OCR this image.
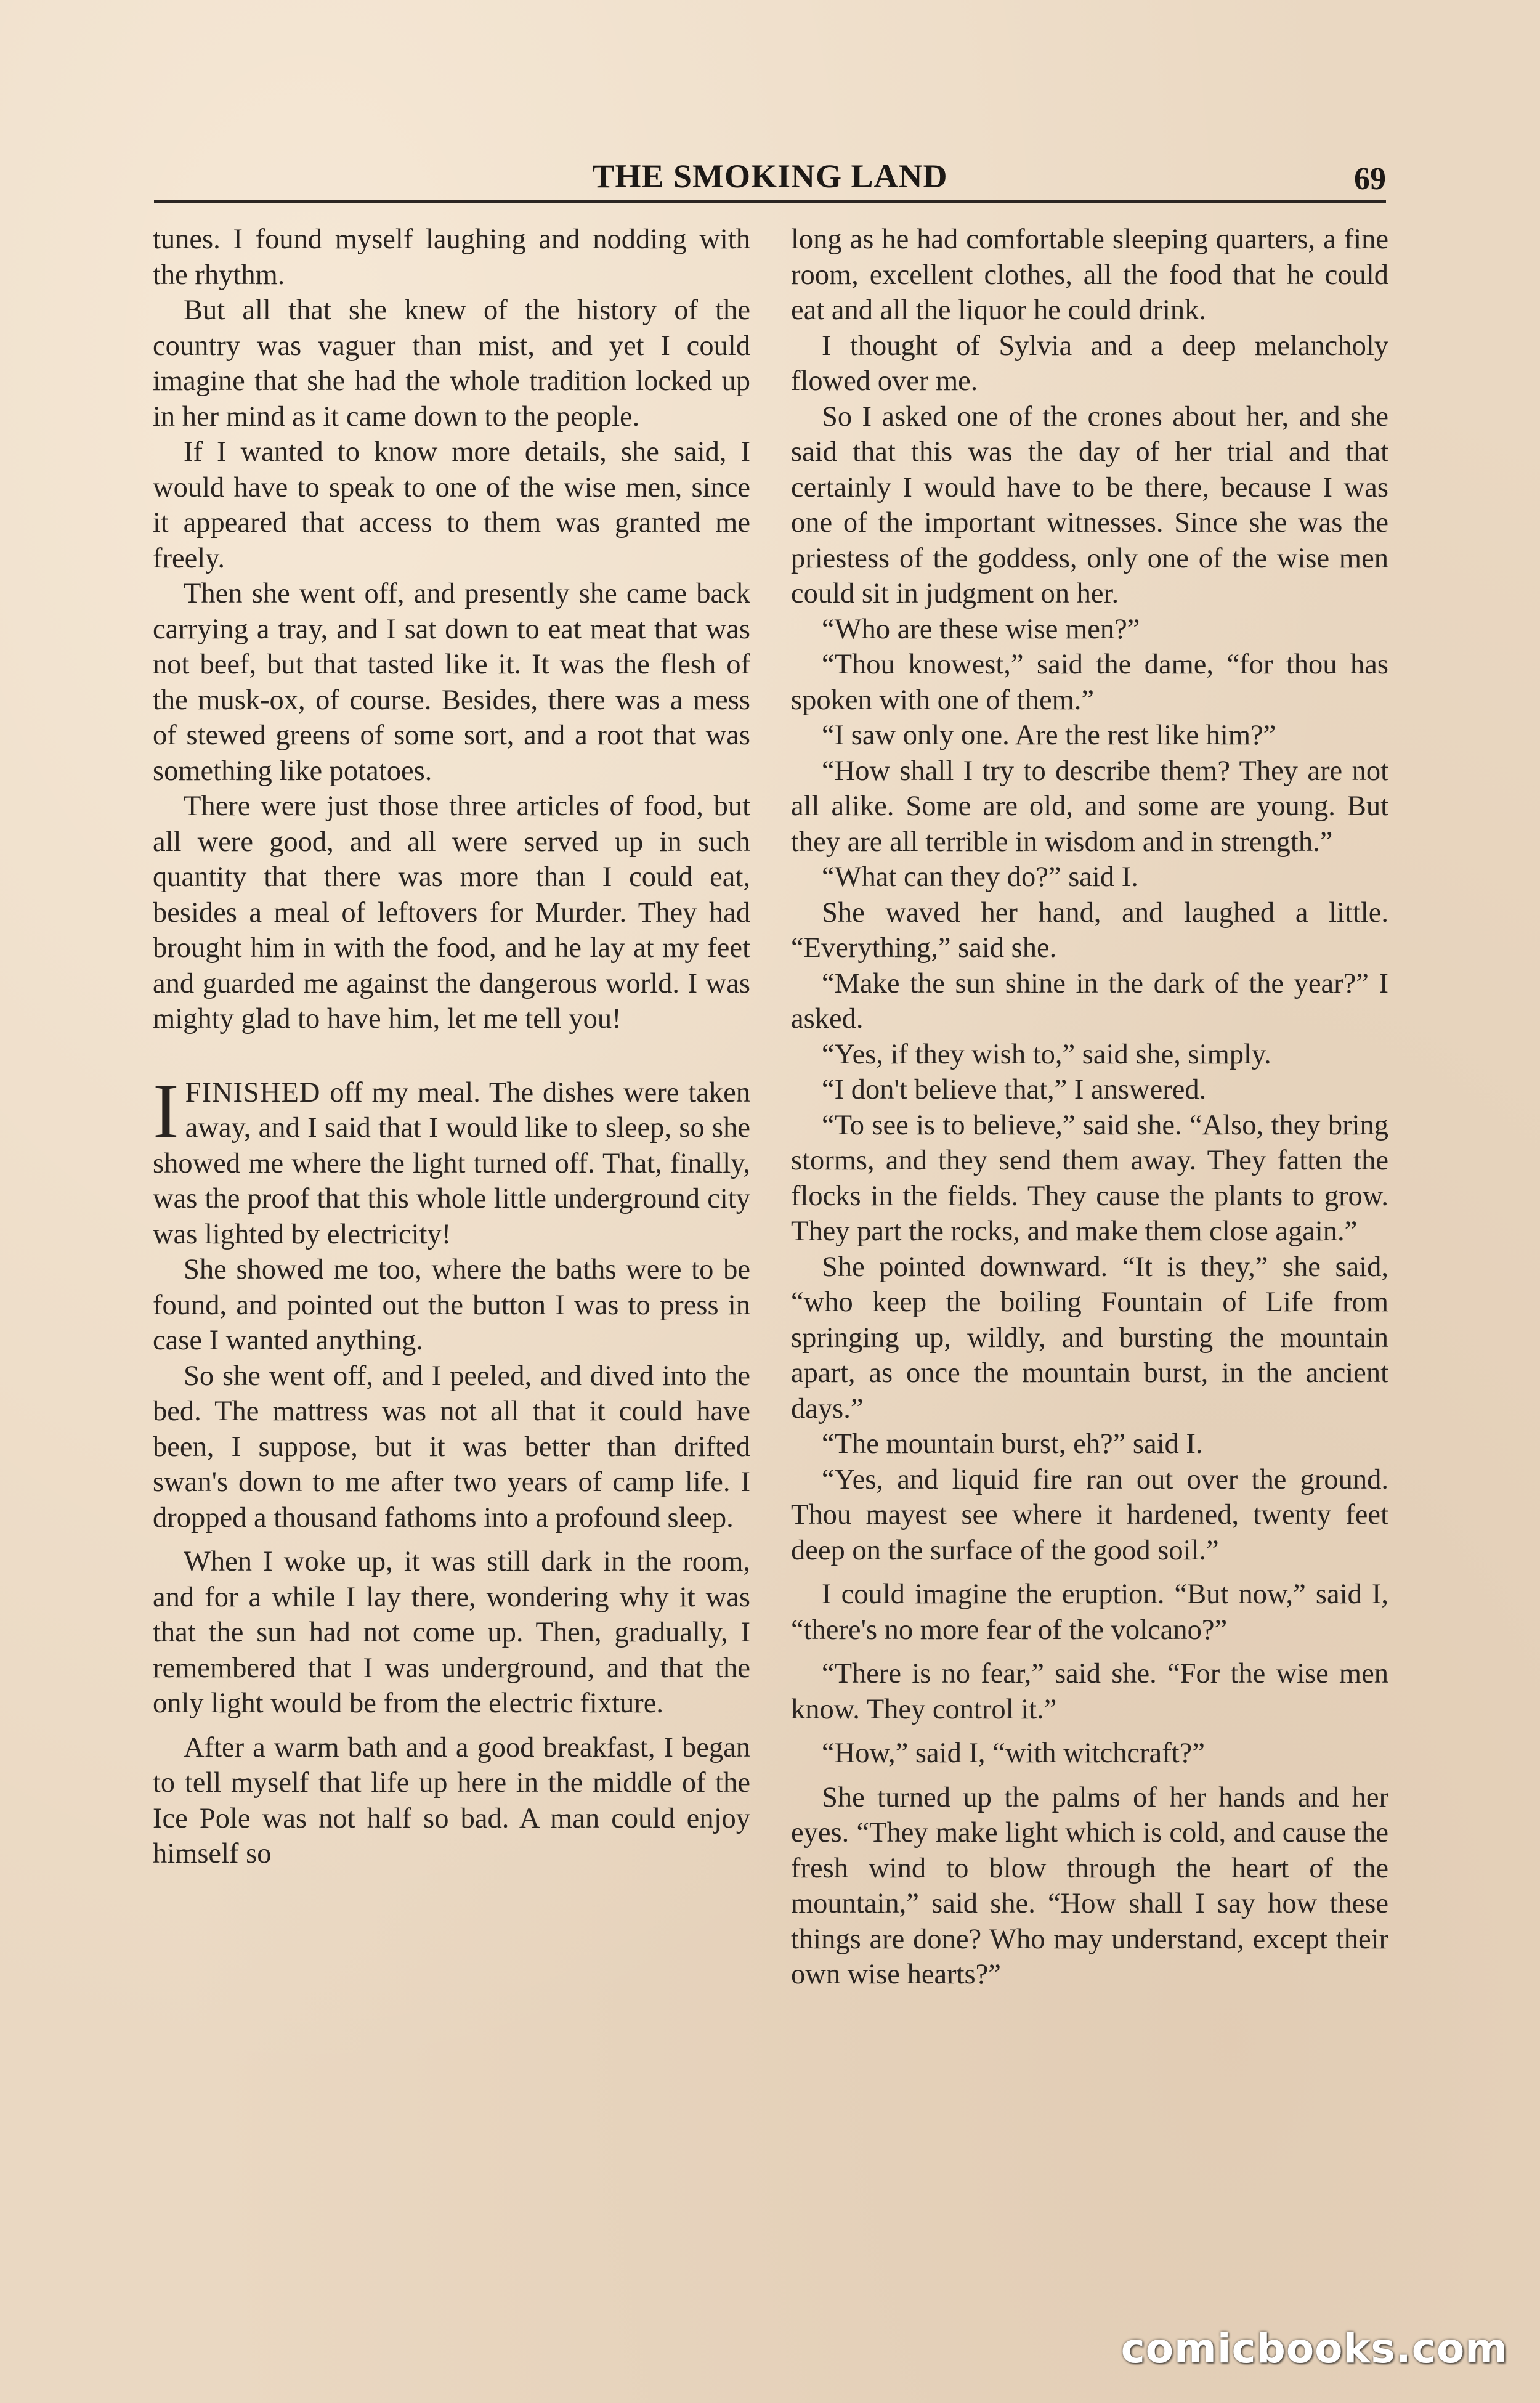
THE SMOKING LAND	69

tunes. I found myself laughing and nodding with the rhythm.

But all that she knew of the history of the country was vaguer than mist, and yet I could imagine that she had the whole tradition locked up in her mind as it came down to the people.

If I wanted to know more details, she said, I would have to speak to one of the wise men, since it appeared that access to them was granted me freely.

Then she went off, and presently she came back carrying a tray, and I sat down to eat meat that was not beef, but that tasted like it. It was the flesh of the musk-ox, of course. Besides, there was a mess of stewed greens of some sort, and a root that was something like potatoes.

There were just those three articles of food, but all were good, and all were served up in such quantity that there was more than I could eat, besides a meal of leftovers for Murder. They had brought him in with the food, and he lay at my feet and guarded me against the dangerous world. I was mighty glad to have him, let me tell you!

IFINISHED off my meal. The dishes were taken away, and I said that I would like to sleep, so she showed me where the light turned off. That, finally, was the proof that this whole little underground city was lighted by electricity!

She showed me too, where the baths were to be found, and pointed out the button I was to press in case I wanted anything.

So she went off, and I peeled, and dived into the bed. The mattress was not all that it could have been, I suppose, but it was better than drifted swan's down to me after two years of camp life. I dropped a thousand fathoms into a profound sleep.

When I woke up, it was still dark in the room, and for a while I lay there, wondering why it was that the sun had not come up. Then, gradually, I remembered that I was underground, and that the only light would be from the electric fixture.

After a warm bath and a good breakfast, I began to tell myself that life up here in the middle of the Ice Pole was not half so bad. A man could enjoy himself so

long as he had comfortable sleeping quarters, a fine room, excellent clothes, all the food that he could eat and all the liquor he could drink.

I thought of Sylvia and a deep melancholy flowed over me.

So I asked one of the crones about her, and she said that this was the day of her trial and that certainly I would have to be there, because I was one of the important witnesses. Since she was the priestess of the goddess, only one of the wise men could sit in judgment on her.

“Who are these wise men?”

“Thou knowest,” said the dame, “for thou has spoken with one of them.”

“I saw only one. Are the rest like him?”

“How shall I try to describe them? They are not all alike. Some are old, and some are young. But they are all terrible in wisdom and in strength.”

“What can they do?” said I.

She waved her hand, and laughed a little. “Everything,” said she.

“Make the sun shine in the dark of the year?” I asked.

“Yes, if they wish to,” said she, simply.

“I don't believe that,” I answered.

“To see is to believe,” said she. “Also, they bring storms, and they send them away. They fatten the flocks in the fields. They cause the plants to grow. They part the rocks, and make them close again.”

She pointed downward. “It is they,” she said, “who keep the boiling Fountain of Life from springing up, wildly, and bursting the mountain apart, as once the mountain burst, in the ancient days.”

“The mountain burst, eh?” said I.

“Yes, and liquid fire ran out over the ground. Thou mayest see where it hardened, twenty feet deep on the surface of the good soil.”

I could imagine the eruption. “But now,” said I, “there's no more fear of the volcano?”

“There is no fear,” said she. “For the wise men know. They control it.”

“How,” said I, “with witchcraft?”

She turned up the palms of her hands and her eyes. “They make light which is cold, and cause the fresh wind to blow through the heart of the mountain,” said she. “How shall I say how these things are done? Who may understand, except their own wise hearts?”

comicbooks.com
